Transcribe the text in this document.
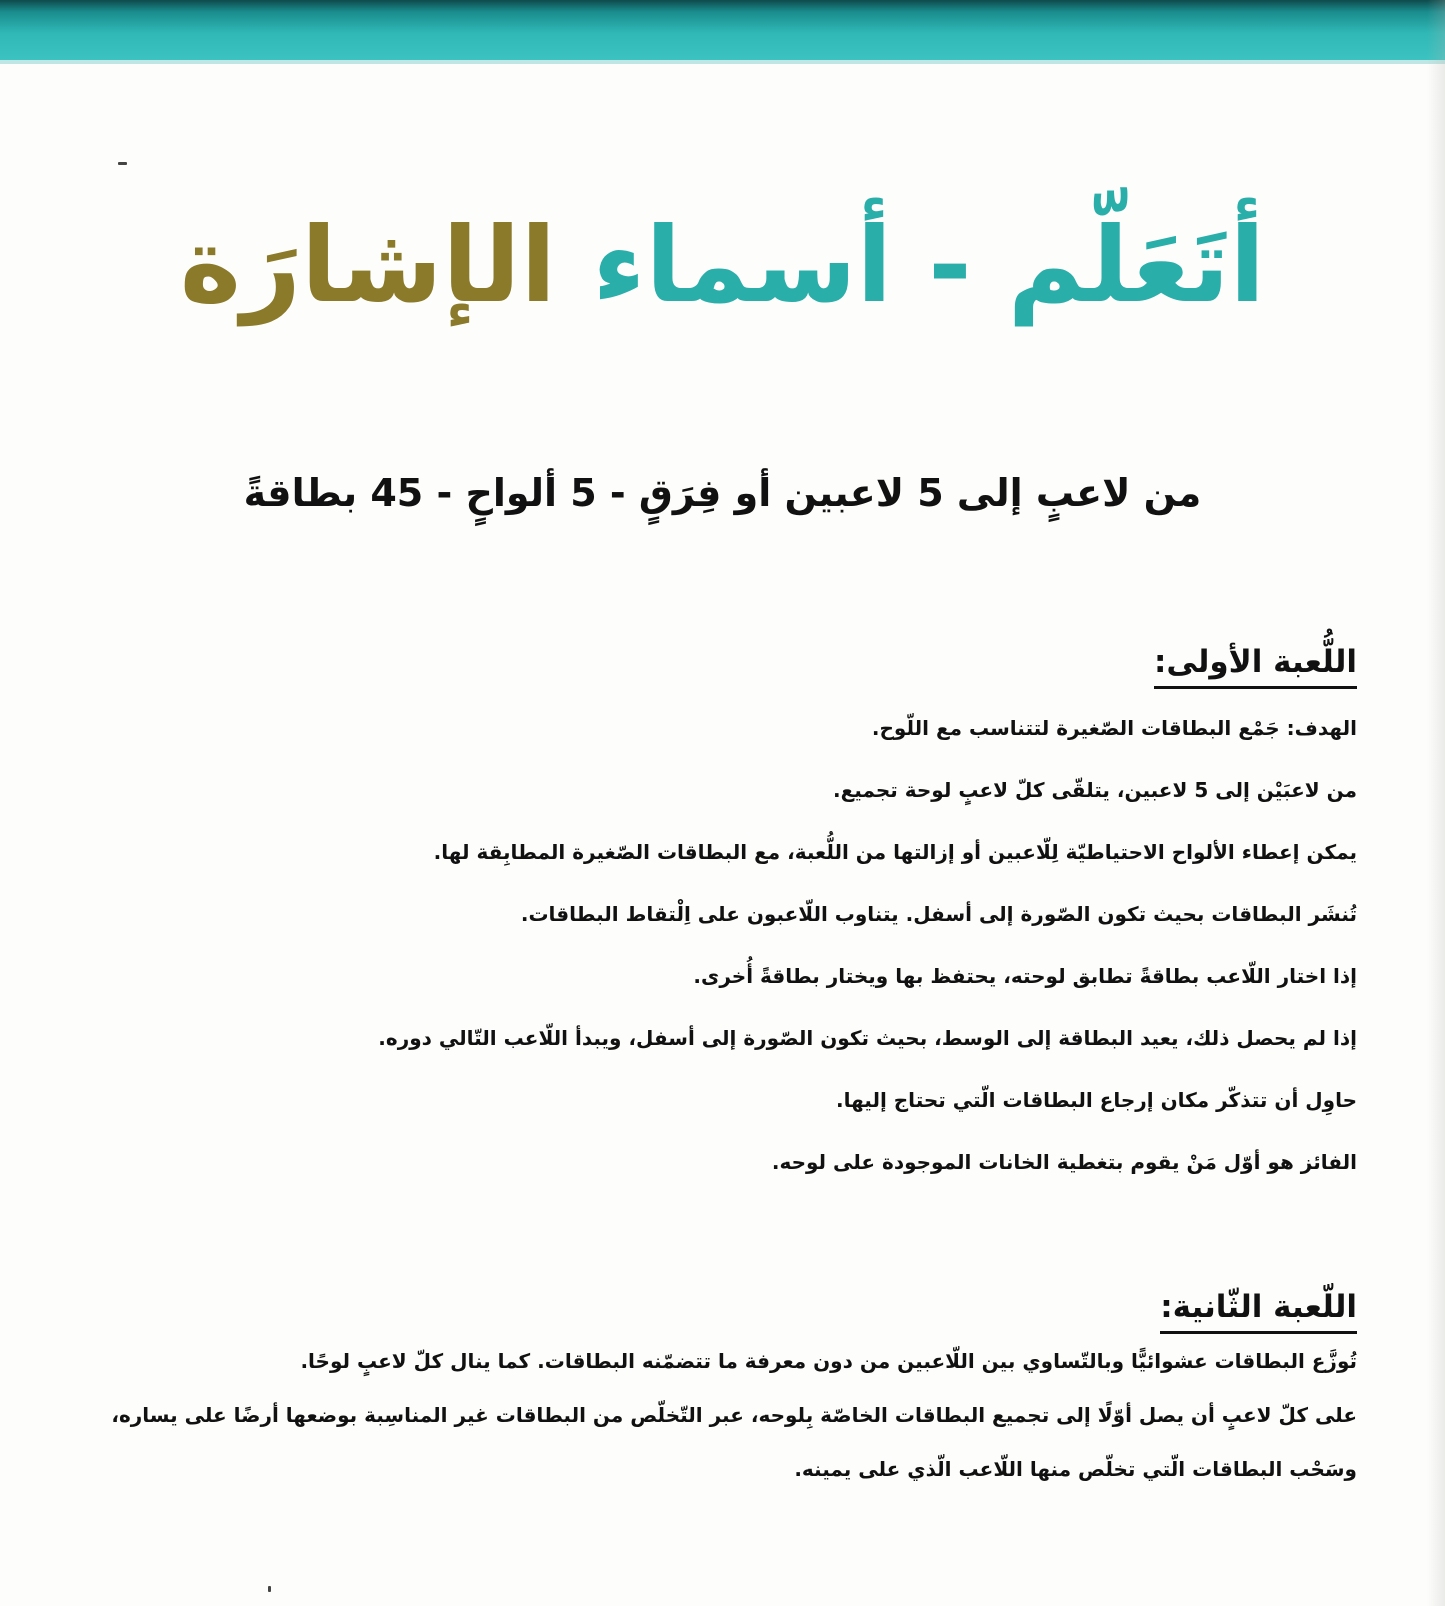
أتَعَلّم - أسماء الإشارَة
من لاعبٍ إلى 5 لاعبين أو فِرَقٍ - 5 ألواحٍ - 45 بطاقةً
اللُّعبة الأولى:
الهدف: جَمْع البطاقات الصّغيرة لتتناسب مع اللّوح.
من لاعبَيْن إلى 5 لاعبين، يتلقّى كلّ لاعبٍ لوحة تجميع.
يمكن إعطاء الألواح الاحتياطيّة لِلّاعبين أو إزالتها من اللُّعبة، مع البطاقات الصّغيرة المطابِقة لها.
تُنشَر البطاقات بحيث تكون الصّورة إلى أسفل. يتناوب اللّاعبون على اِلْتقاط البطاقات.
إذا اختار اللّاعب بطاقةً تطابق لوحته، يحتفظ بها ويختار بطاقةً أُخرى.
إذا لم يحصل ذلك، يعيد البطاقة إلى الوسط، بحيث تكون الصّورة إلى أسفل، ويبدأ اللّاعب التّالي دوره.
حاوِل أن تتذكّر مكان إرجاع البطاقات الّتي تحتاج إليها.
الفائز هو أوّل مَنْ يقوم بتغطية الخانات الموجودة على لوحه.
اللّعبة الثّانية:
تُوزَّع البطاقات عشوائيًّا وبالتّساوي بين اللّاعبين من دون معرفة ما تتضمّنه البطاقات. كما ينال كلّ لاعبٍ لوحًا.
على كلّ لاعبٍ أن يصل أوّلًا إلى تجميع البطاقات الخاصّة بِلوحه، عبر التّخلّص من البطاقات غير المناسِبة بوضعها أرضًا على يساره،
وسَحْب البطاقات الّتي تخلّص منها اللّاعب الّذي على يمينه.
